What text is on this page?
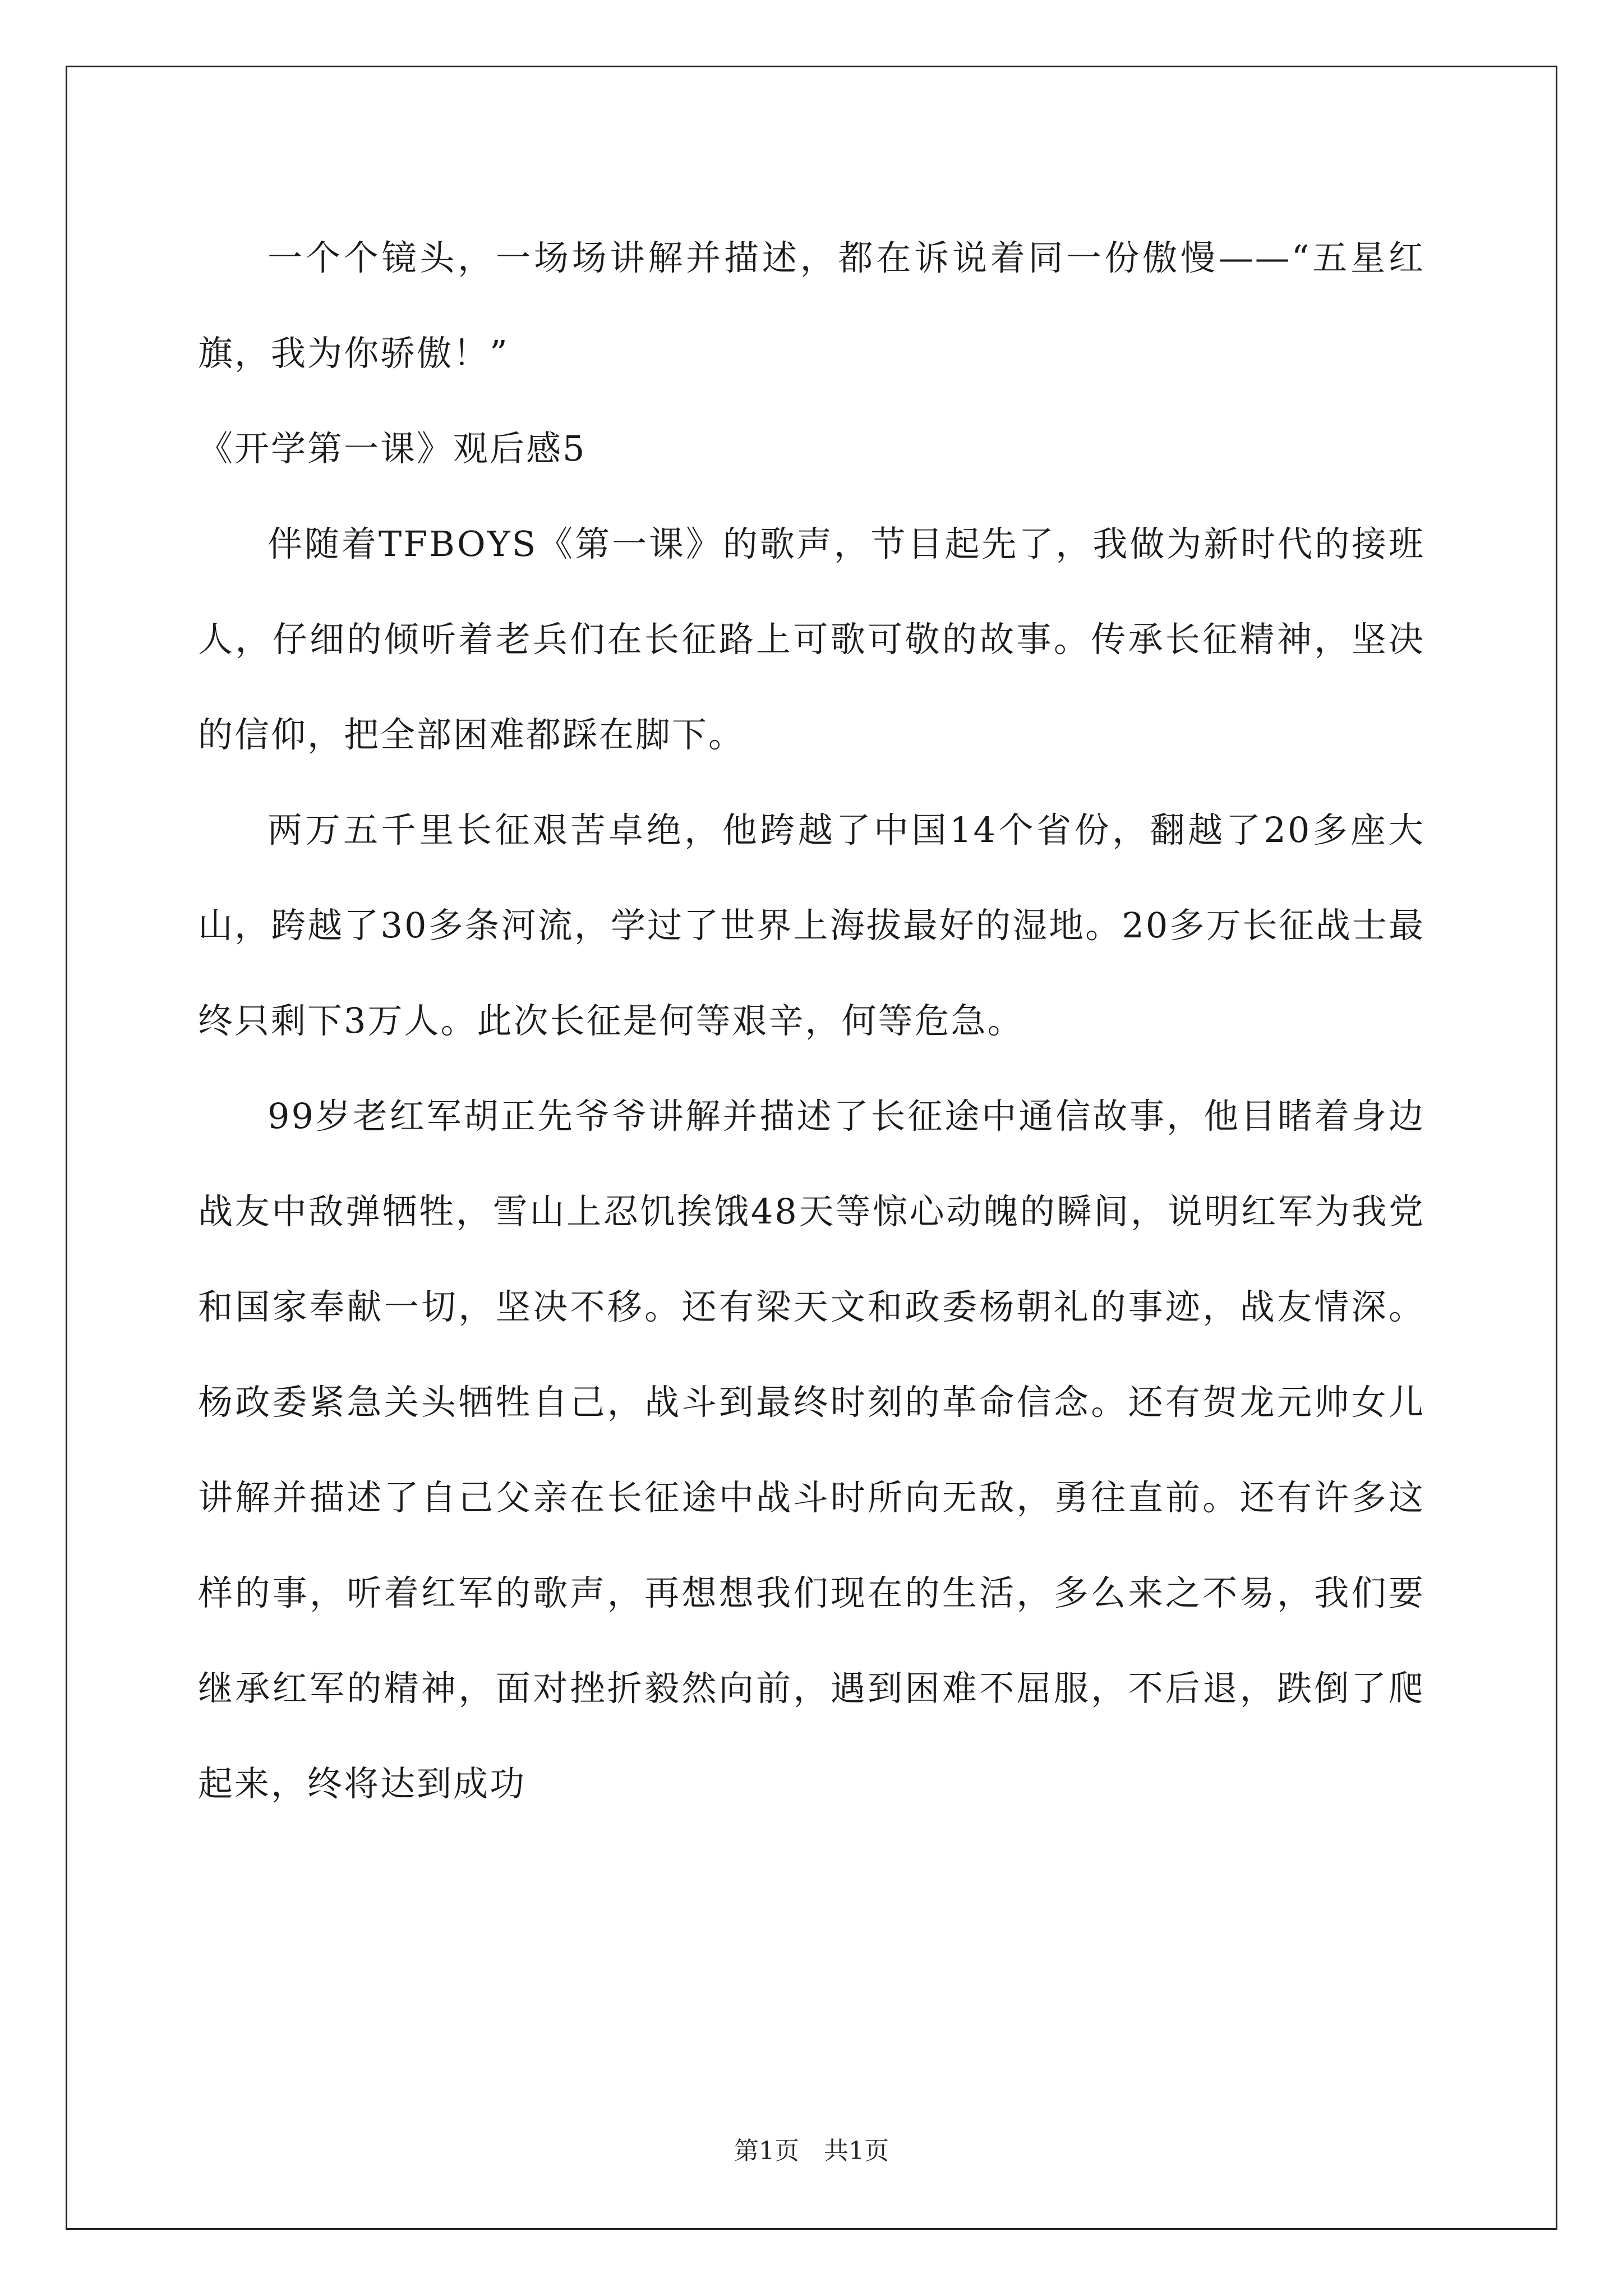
一个个镜头，一场场讲解并描述，都在诉说着同一份傲慢——“五星红旗，我为你骄傲！”

《开学第一课》观后感5

伴随着TFBOYS《第一课》的歌声，节目起先了，我做为新时代的接班人，仔细的倾听着老兵们在长征路上可歌可敬的故事。传承长征精神，坚决的信仰，把全部困难都踩在脚下。

两万五千里长征艰苦卓绝，他跨越了中国14个省份，翻越了20多座大山，跨越了30多条河流，学过了世界上海拔最好的湿地。20多万长征战士最终只剩下3万人。此次长征是何等艰辛，何等危急。

99岁老红军胡正先爷爷讲解并描述了长征途中通信故事，他目睹着身边战友中敌弹牺牲，雪山上忍饥挨饿48天等惊心动魄的瞬间，说明红军为我党和国家奉献一切，坚决不移。还有梁天文和政委杨朝礼的事迹，战友情深。杨政委紧急关头牺牲自己，战斗到最终时刻的革命信念。还有贺龙元帅女儿讲解并描述了自己父亲在长征途中战斗时所向无敌，勇往直前。还有许多这样的事，听着红军的歌声，再想想我们现在的生活，多么来之不易，我们要继承红军的精神，面对挫折毅然向前，遇到困难不屈服，不后退，跌倒了爬起来，终将达到成功

第1页 共1页
